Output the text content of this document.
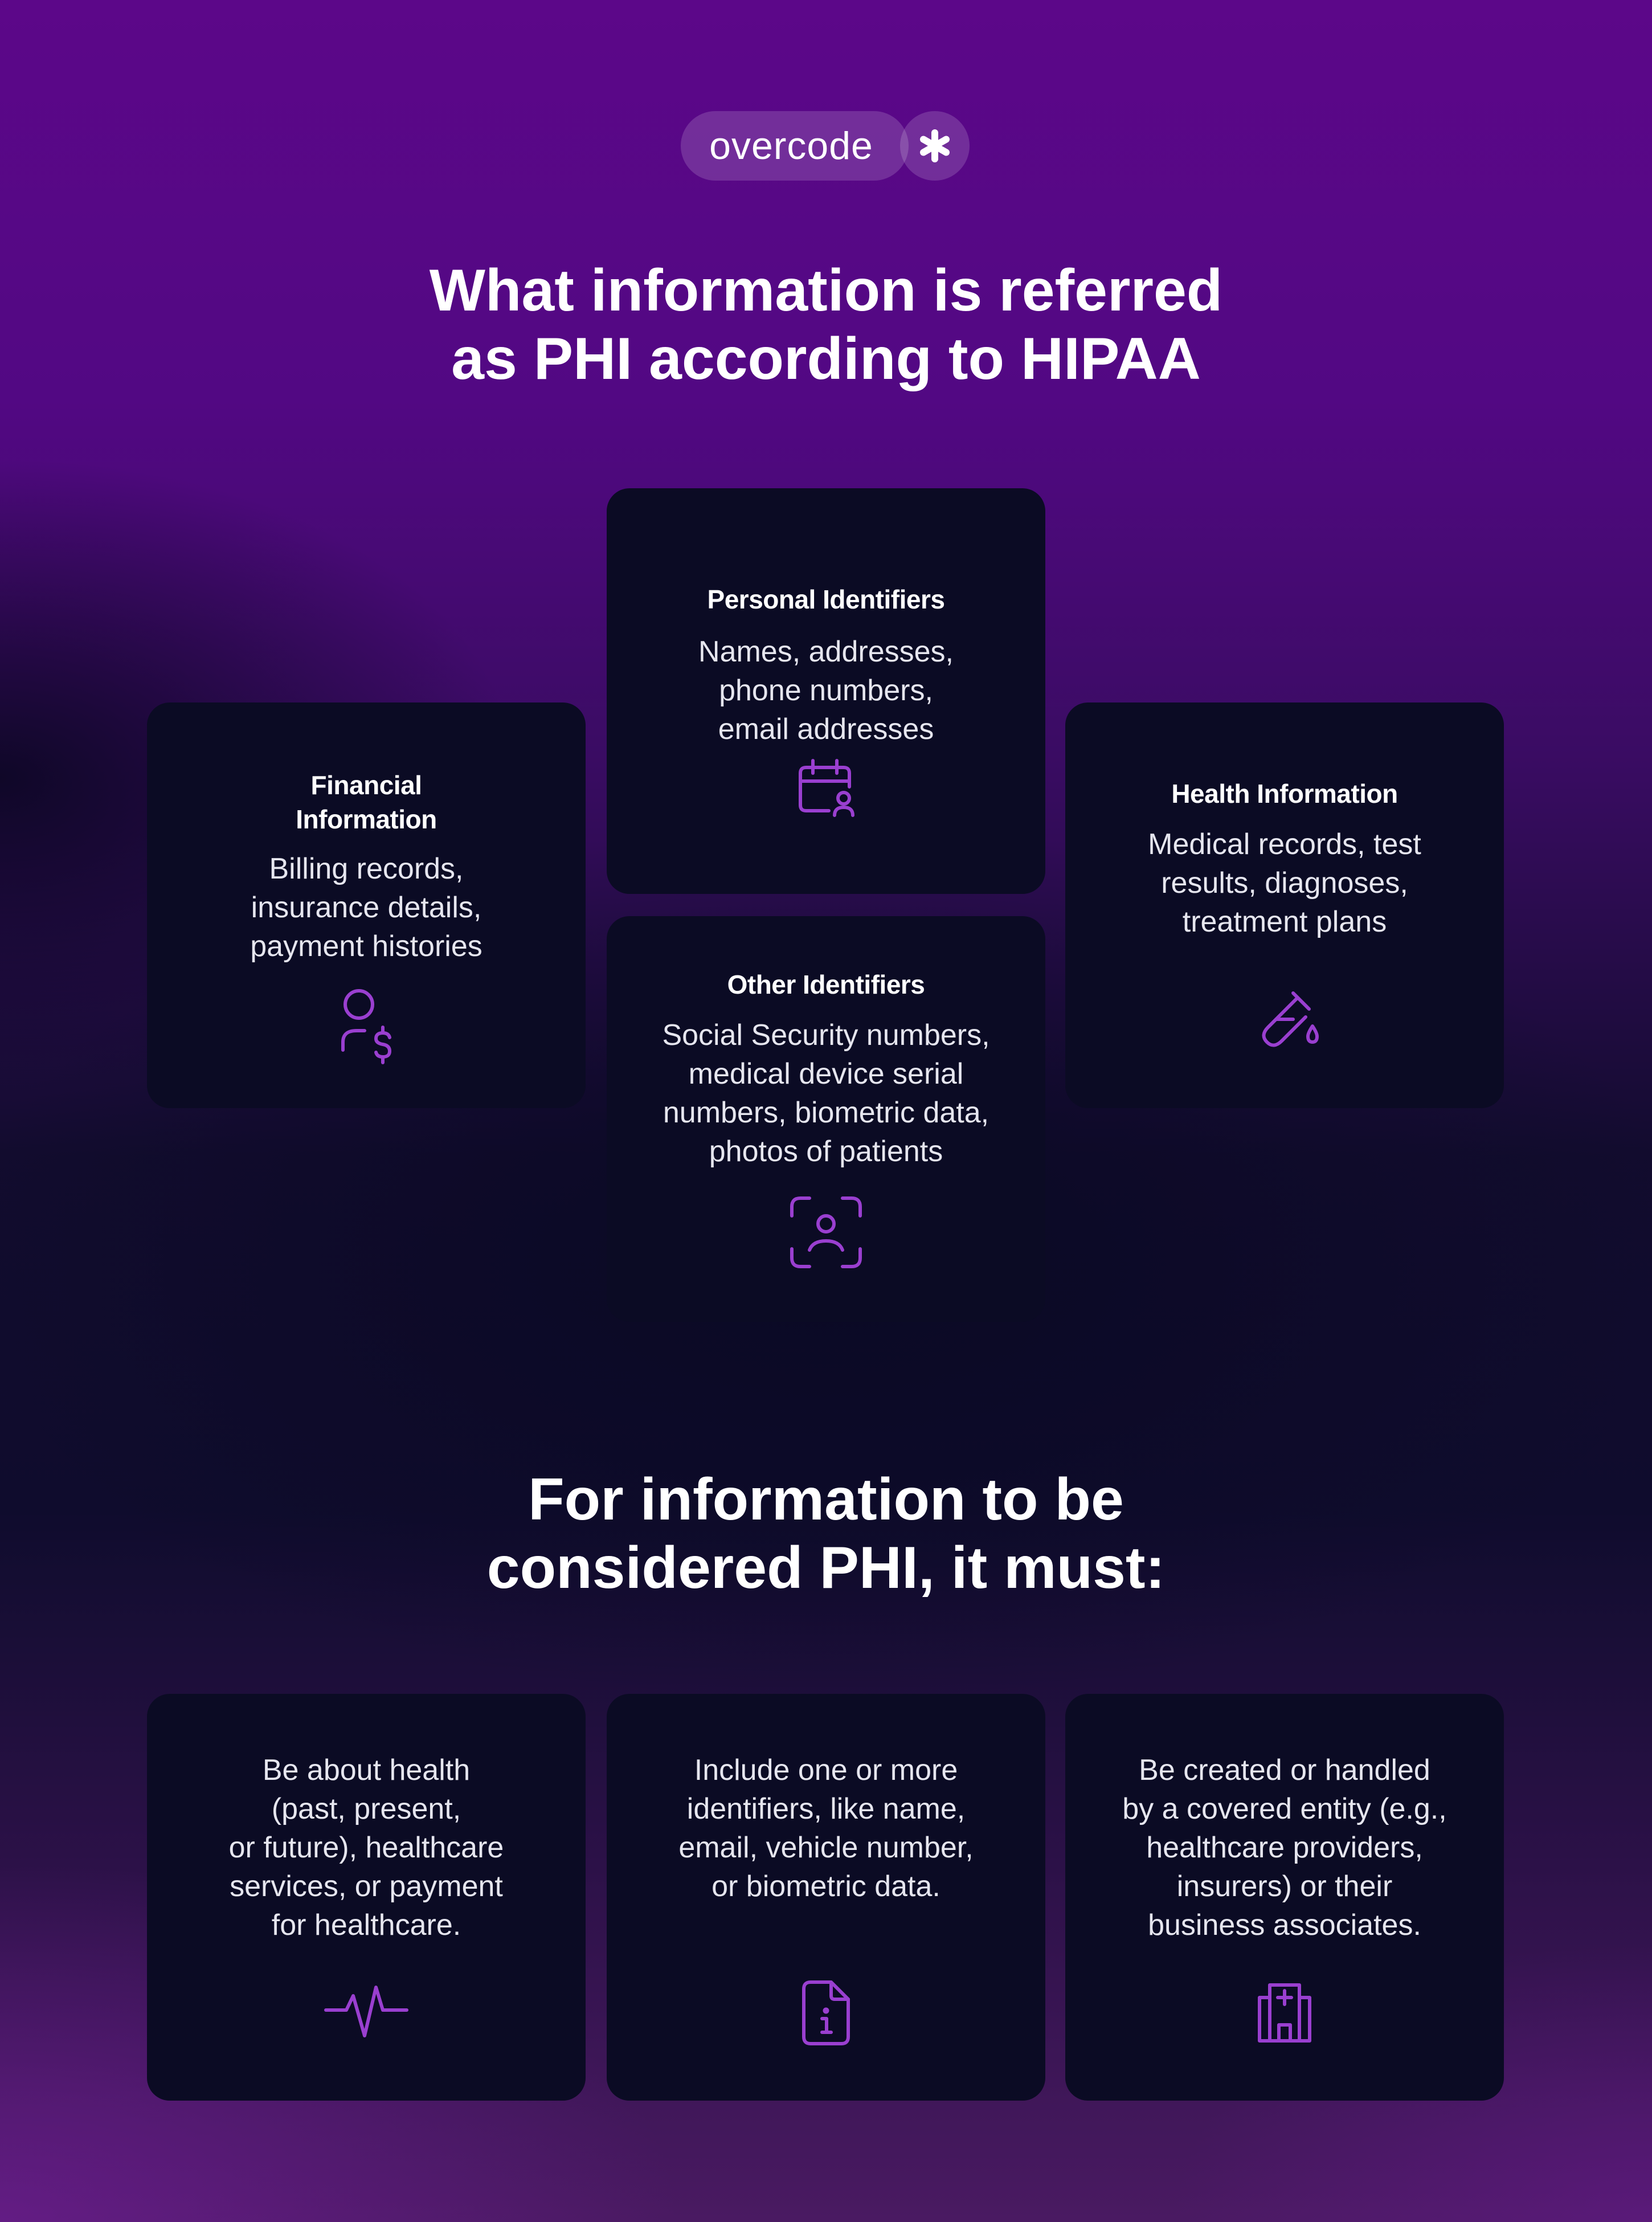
overcode
What information is referred
as PHI according to HIPAA
Personal Identifiers
Names, addresses,
phone numbers,
email addresses
Financial
Information
Billing records,
insurance details,
payment histories
Health Information
Medical records, test
results, diagnoses,
treatment plans
Other Identifiers
Social Security numbers,
medical device serial
numbers, biometric data,
photos of patients
For information to be
considered PHI, it must:
Be about health
(past, present,
or future), healthcare
services, or payment
for healthcare.
Include one or more
identifiers, like name,
email, vehicle number,
or biometric data.
Be created or handled
by a covered entity (e.g.,
healthcare providers,
insurers) or their
business associates.
